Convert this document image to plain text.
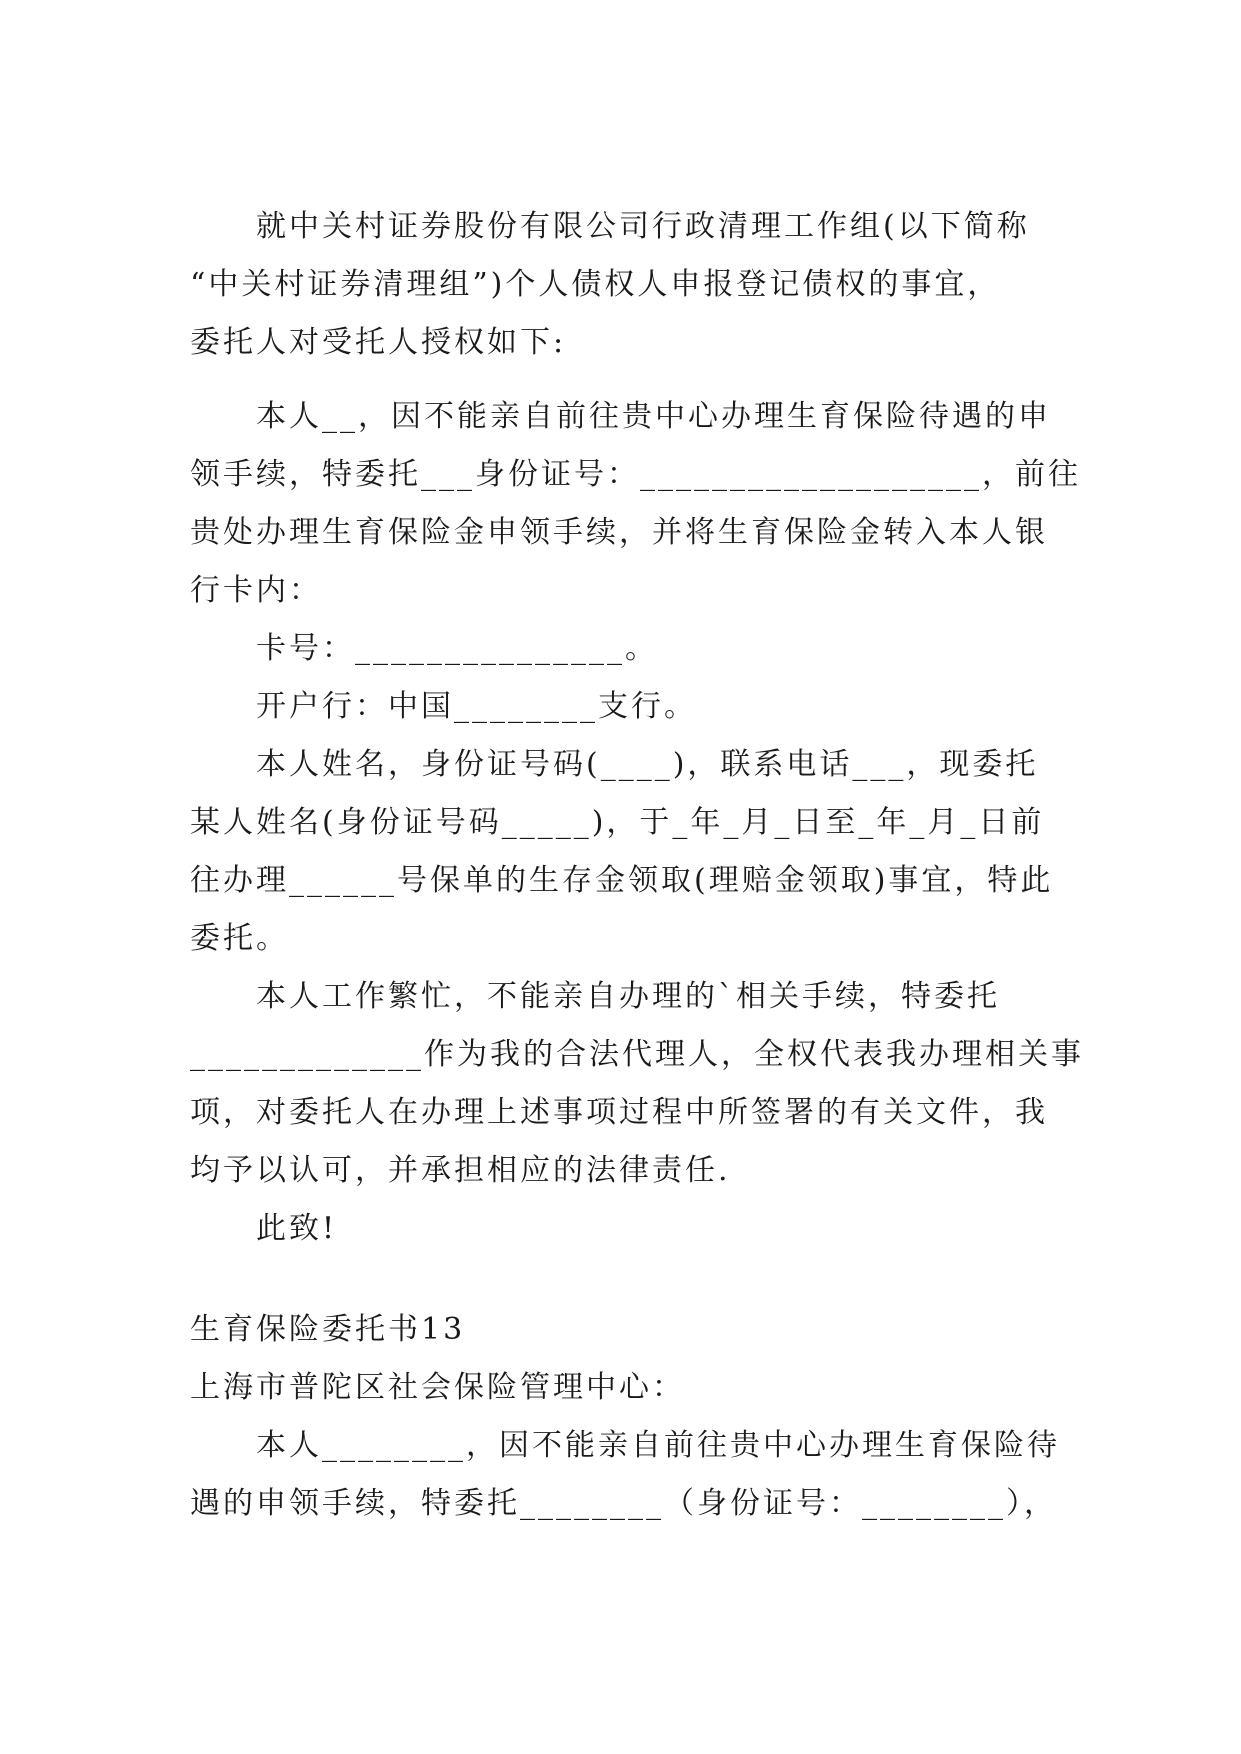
　　就中关村证券股份有限公司行政清理工作组(以下简称
“中关村证券清理组”)个人债权人申报登记债权的事宜，
委托人对受托人授权如下:
　　本人__，因不能亲自前往贵中心办理生育保险待遇的申
领手续，特委托___身份证号：___________________，前往
贵处办理生育保险金申领手续，并将生育保险金转入本人银
行卡内：
　　卡号：_______________。
　　开户行：中国________支行。
　　本人姓名，身份证号码(____)，联系电话___，现委托
某人姓名(身份证号码_____)，于_年_月_日至_年_月_日前
往办理______号保单的生存金领取(理赔金领取)事宜，特此
委托。
　　本人工作繁忙，不能亲自办理的`相关手续，特委托
_____________作为我的合法代理人，全权代表我办理相关事
项，对委托人在办理上述事项过程中所签署的有关文件，我
均予以认可，并承担相应的法律责任.
　　此致!
生育保险委托书13
上海市普陀区社会保险管理中心：
　　本人________，因不能亲自前往贵中心办理生育保险待
遇的申领手续，特委托________（身份证号：________），
